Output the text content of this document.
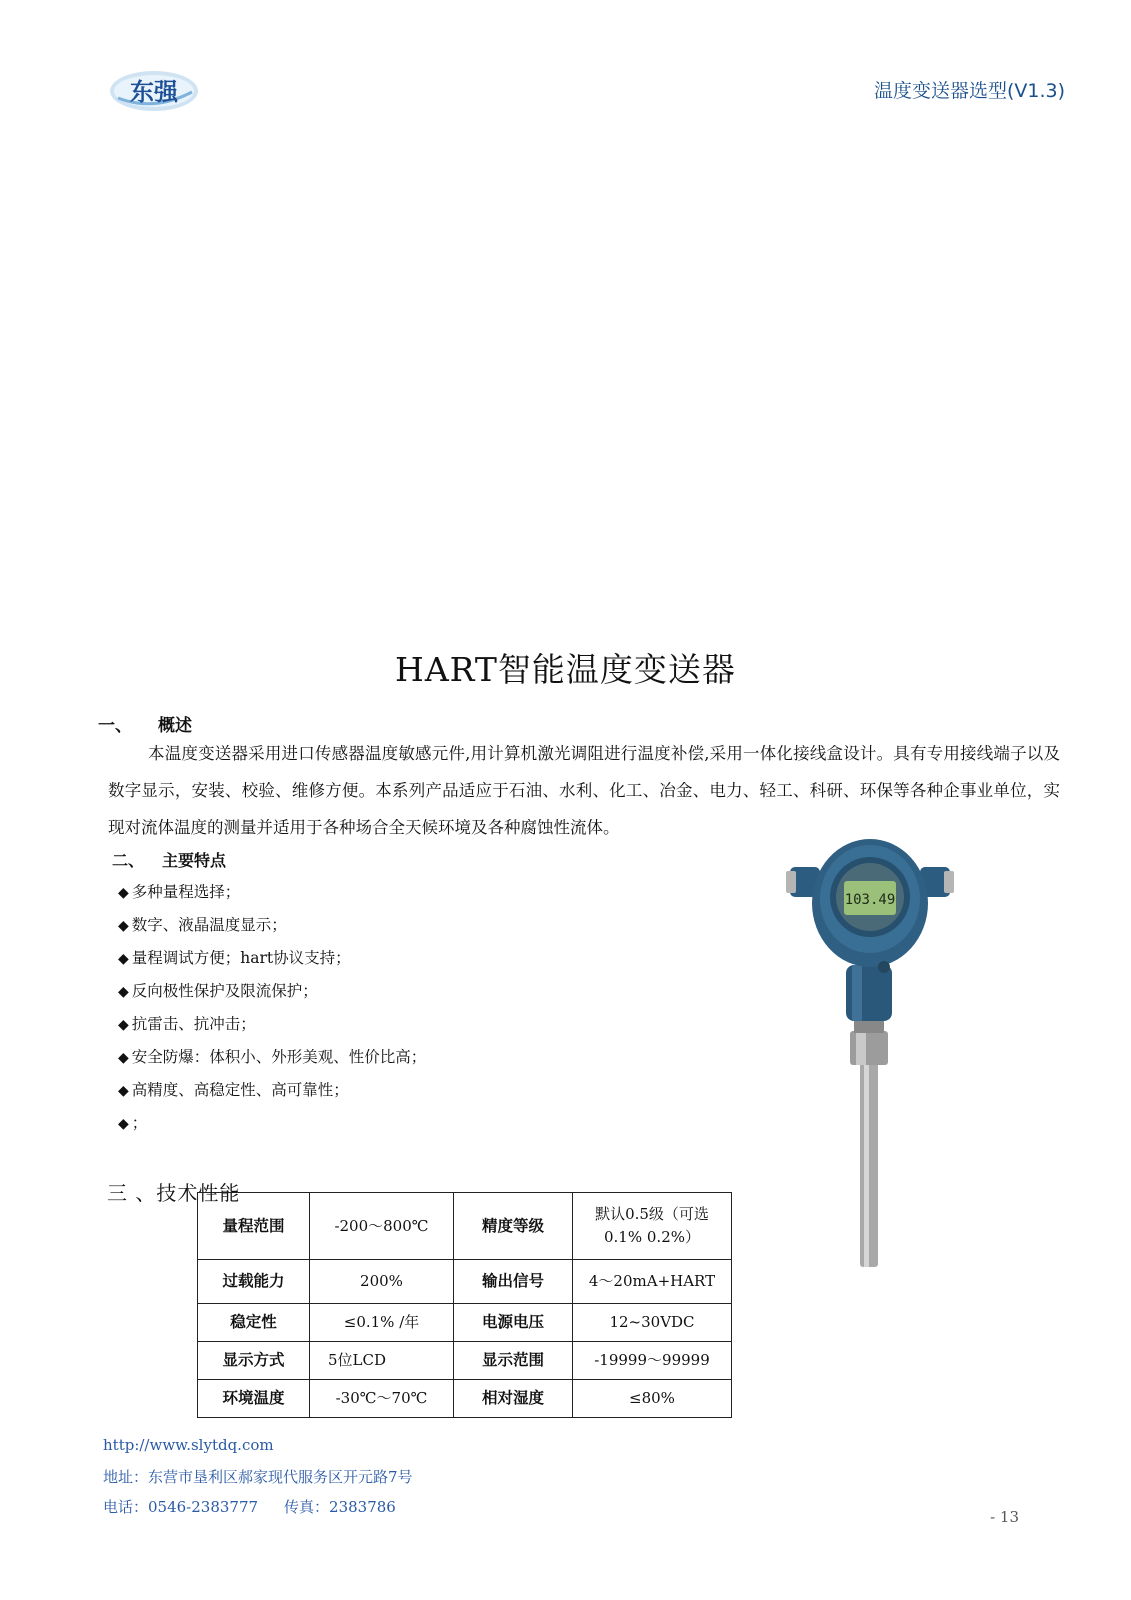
东强	温度变送器选型(V1.3)
HART智能温度变送器
一、 概述
本温度变送器采用进口传感器温度敏感元件,用计算机激光调阻进行温度补偿,采用一体化接线盒设计。具有专用接线端子以及数字显示，安装、校验、维修方便。本系列产品适应于石油、水利、化工、冶金、电力、轻工、科研、环保等各种企事业单位，实现对流体温度的测量并适用于各种场合全天候环境及各种腐蚀性流体。
二、 主要特点
◆ 多种量程选择；
◆ 数字、液晶温度显示；
◆ 量程调试方便；hart协议支持；
◆ 反向极性保护及限流保护；
◆ 抗雷击、抗冲击；
◆ 安全防爆：体积小、外形美观、性价比高；
◆ 高精度、高稳定性、高可靠性；
◆ ；
103.49
三 、技术性能
量程范围	-200～800℃	精度等级	默认0.5级（可选 0.1% 0.2%）
过载能力	200%	输出信号	4～20mA+HART
稳定性	≤0.1% /年	电源电压	12~30VDC
显示方式	5位LCD	显示范围	-19999～99999
环境温度	-30℃～70℃	相对湿度	≤80%
http://www.slytdq.com
地址：东营市垦利区郝家现代服务区开元路7号
电话：0546-2383777 传真：2383786
- 13
